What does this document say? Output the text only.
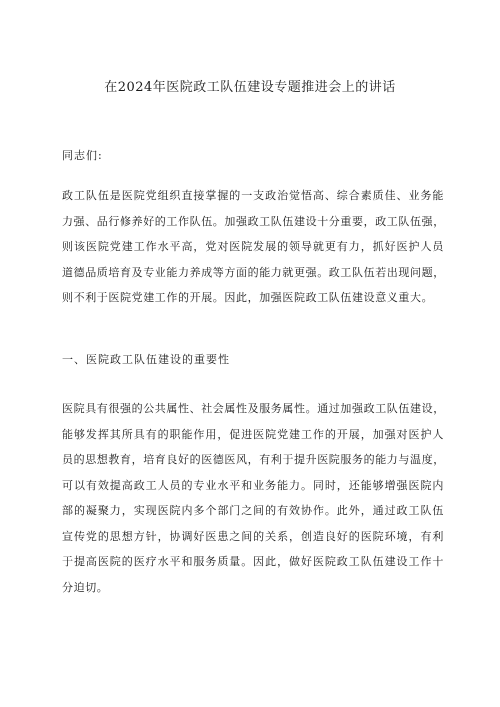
在2024年医院政工队伍建设专题推进会上的讲话
同志们:
政工队伍是医院党组织直接掌握的一支政治觉悟高、综合素质佳、业务能
力强、品行修养好的工作队伍。加强政工队伍建设十分重要，政工队伍强，
则该医院党建工作水平高，党对医院发展的领导就更有力，抓好医护人员
道德品质培育及专业能力养成等方面的能力就更强。政工队伍若出现问题，
则不利于医院党建工作的开展。因此，加强医院政工队伍建设意义重大。
一、医院政工队伍建设的重要性
医院具有很强的公共属性、社会属性及服务属性。通过加强政工队伍建设，
能够发挥其所具有的职能作用，促进医院党建工作的开展，加强对医护人
员的思想教育，培育良好的医德医风，有利于提升医院服务的能力与温度，
可以有效提高政工人员的专业水平和业务能力。同时，还能够增强医院内
部的凝聚力，实现医院内多个部门之间的有效协作。此外，通过政工队伍
宣传党的思想方针，协调好医患之间的关系，创造良好的医院环境，有利
于提高医院的医疗水平和服务质量。因此，做好医院政工队伍建设工作十
分迫切。
